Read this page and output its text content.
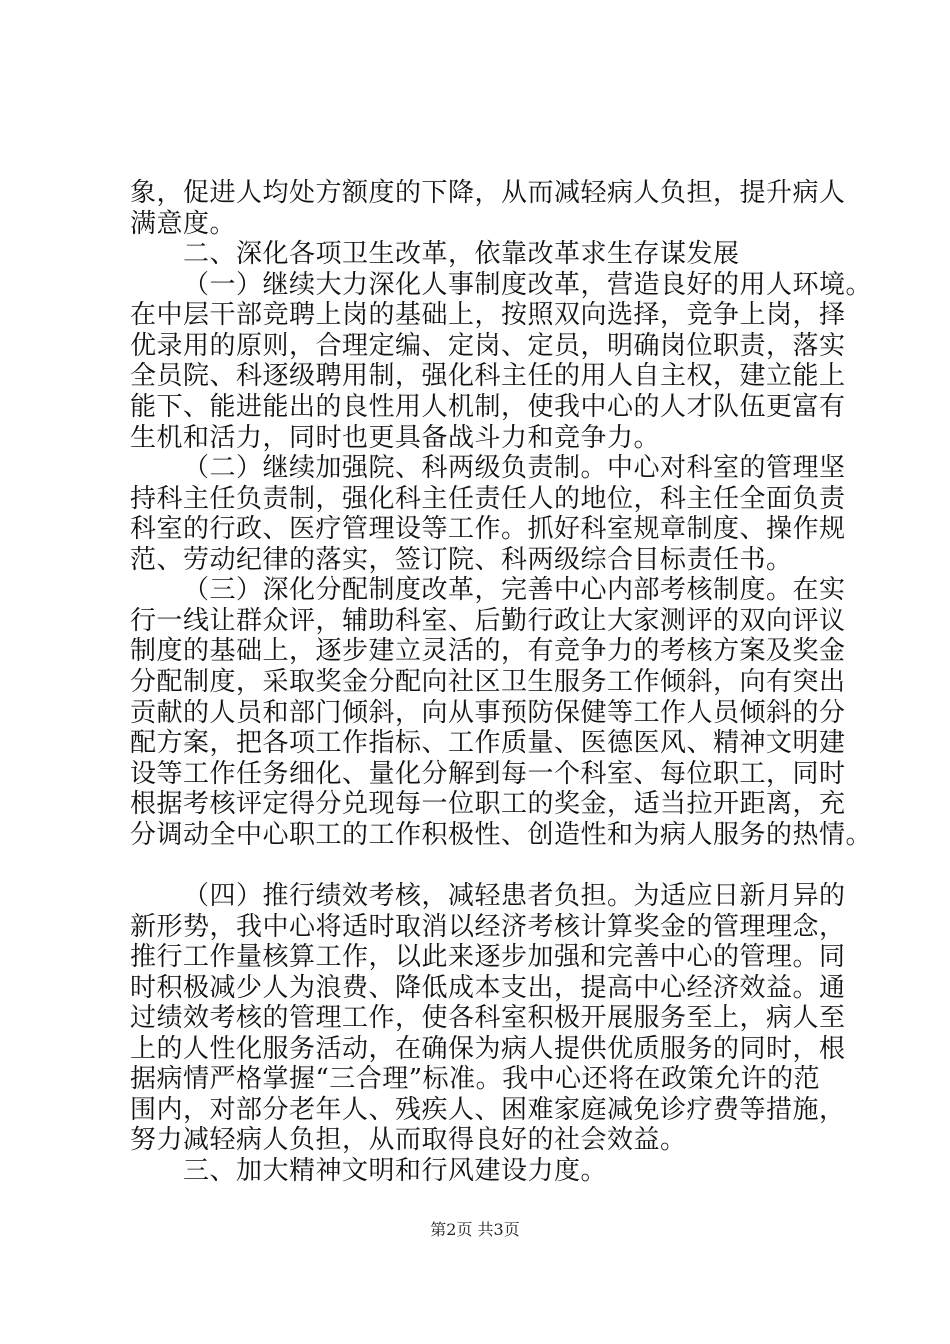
象，促进人均处方额度的下降，从而减轻病人负担，提升病人
满意度。
二、深化各项卫生改革，依靠改革求生存谋发展
（一）继续大力深化人事制度改革，营造良好的用人环境。
在中层干部竞聘上岗的基础上，按照双向选择，竞争上岗，择
优录用的原则，合理定编、定岗、定员，明确岗位职责，落实
全员院、科逐级聘用制，强化科主任的用人自主权，建立能上
能下、能进能出的良性用人机制，使我中心的人才队伍更富有
生机和活力，同时也更具备战斗力和竞争力。
（二）继续加强院、科两级负责制。中心对科室的管理坚
持科主任负责制，强化科主任责任人的地位，科主任全面负责
科室的行政、医疗管理设等工作。抓好科室规章制度、操作规
范、劳动纪律的落实，签订院、科两级综合目标责任书。
（三）深化分配制度改革，完善中心内部考核制度。在实
行一线让群众评，辅助科室、后勤行政让大家测评的双向评议
制度的基础上，逐步建立灵活的，有竞争力的考核方案及奖金
分配制度，采取奖金分配向社区卫生服务工作倾斜，向有突出
贡献的人员和部门倾斜，向从事预防保健等工作人员倾斜的分
配方案，把各项工作指标、工作质量、医德医风、精神文明建
设等工作任务细化、量化分解到每一个科室、每位职工，同时
根据考核评定得分兑现每一位职工的奖金，适当拉开距离，充
分调动全中心职工的工作积极性、创造性和为病人服务的热情。
（四）推行绩效考核，减轻患者负担。为适应日新月异的
新形势，我中心将适时取消以经济考核计算奖金的管理理念，
推行工作量核算工作，以此来逐步加强和完善中心的管理。同
时积极减少人为浪费、降低成本支出，提高中心经济效益。通
过绩效考核的管理工作，使各科室积极开展服务至上，病人至
上的人性化服务活动，在确保为病人提供优质服务的同时，根
据病情严格掌握“三合理”标准。我中心还将在政策允许的范
围内，对部分老年人、残疾人、困难家庭减免诊疗费等措施，
努力减轻病人负担，从而取得良好的社会效益。
三、加大精神文明和行风建设力度。
第2页 共3页
